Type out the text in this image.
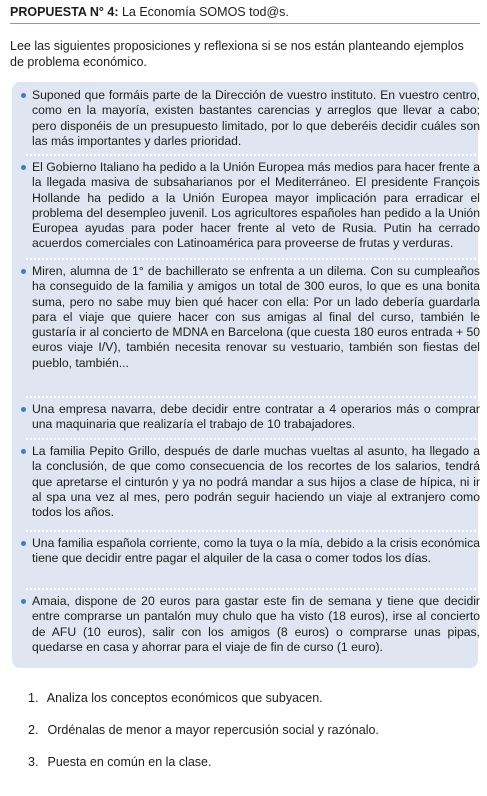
PROPUESTA N° 4: La Economía SOMOS tod@s.
Lee las siguientes proposiciones y reflexiona si se nos están planteando ejemplos de problema económico.

Suponed que formáis parte de la Dirección de vuestro instituto. En vuestro centro, como en la mayoría, existen bastantes carencias y arreglos que llevar a cabo; pero disponéis de un presupuesto limitado, por lo que deberéis decidir cuáles son las más importantes y darles prioridad.

El Gobierno Italiano ha pedido a la Unión Europea más medios para hacer frente a la llegada masiva de subsaharianos por el Mediterráneo. El presidente François Hollande ha pedido a la Unión Europea mayor implicación para erradicar el problema del desempleo juvenil. Los agricultores españoles han pedido a la Unión Europea ayudas para poder hacer frente al veto de Rusia. Putin ha cerrado acuerdos comerciales con Latinoamérica para proveerse de frutas y verduras.

Miren, alumna de 1° de bachillerato se enfrenta a un dilema. Con su cumpleaños ha conseguido de la familia y amigos un total de 300 euros, lo que es una bonita suma, pero no sabe muy bien qué hacer con ella: Por un lado debería guardarla para el viaje que quiere hacer con sus amigas al final del curso, también le gustaría ir al concierto de MDNA en Barcelona (que cuesta 180 euros entrada + 50 euros viaje I/V), también necesita renovar su vestuario, también son fiestas del pueblo, también...

Una empresa navarra, debe decidir entre contratar a 4 operarios más o comprar una maquinaria que realizaría el trabajo de 10 trabajadores.

La familia Pepito Grillo, después de darle muchas vueltas al asunto, ha llegado a la conclusión, de que como consecuencia de los recortes de los salarios, tendrá que apretarse el cinturón y ya no podrá mandar a sus hijos a clase de hípica, ni ir al spa una vez al mes, pero podrán seguir haciendo un viaje al extranjero como todos los años.

Una familia española corriente, como la tuya o la mía, debido a la crisis económica tiene que decidir entre pagar el alquiler de la casa o comer todos los días.

Amaia, dispone de 20 euros para gastar este fin de semana y tiene que decidir entre comprarse un pantalón muy chulo que ha visto (18 euros), irse al concierto de AFU (10 euros), salir con los amigos (8 euros) o comprarse unas pipas, quedarse en casa y ahorrar para el viaje de fin de curso (1 euro).

1. Analiza los conceptos económicos que subyacen.
2. Ordénalas de menor a mayor repercusión social y razónalo.
3. Puesta en común en la clase.
